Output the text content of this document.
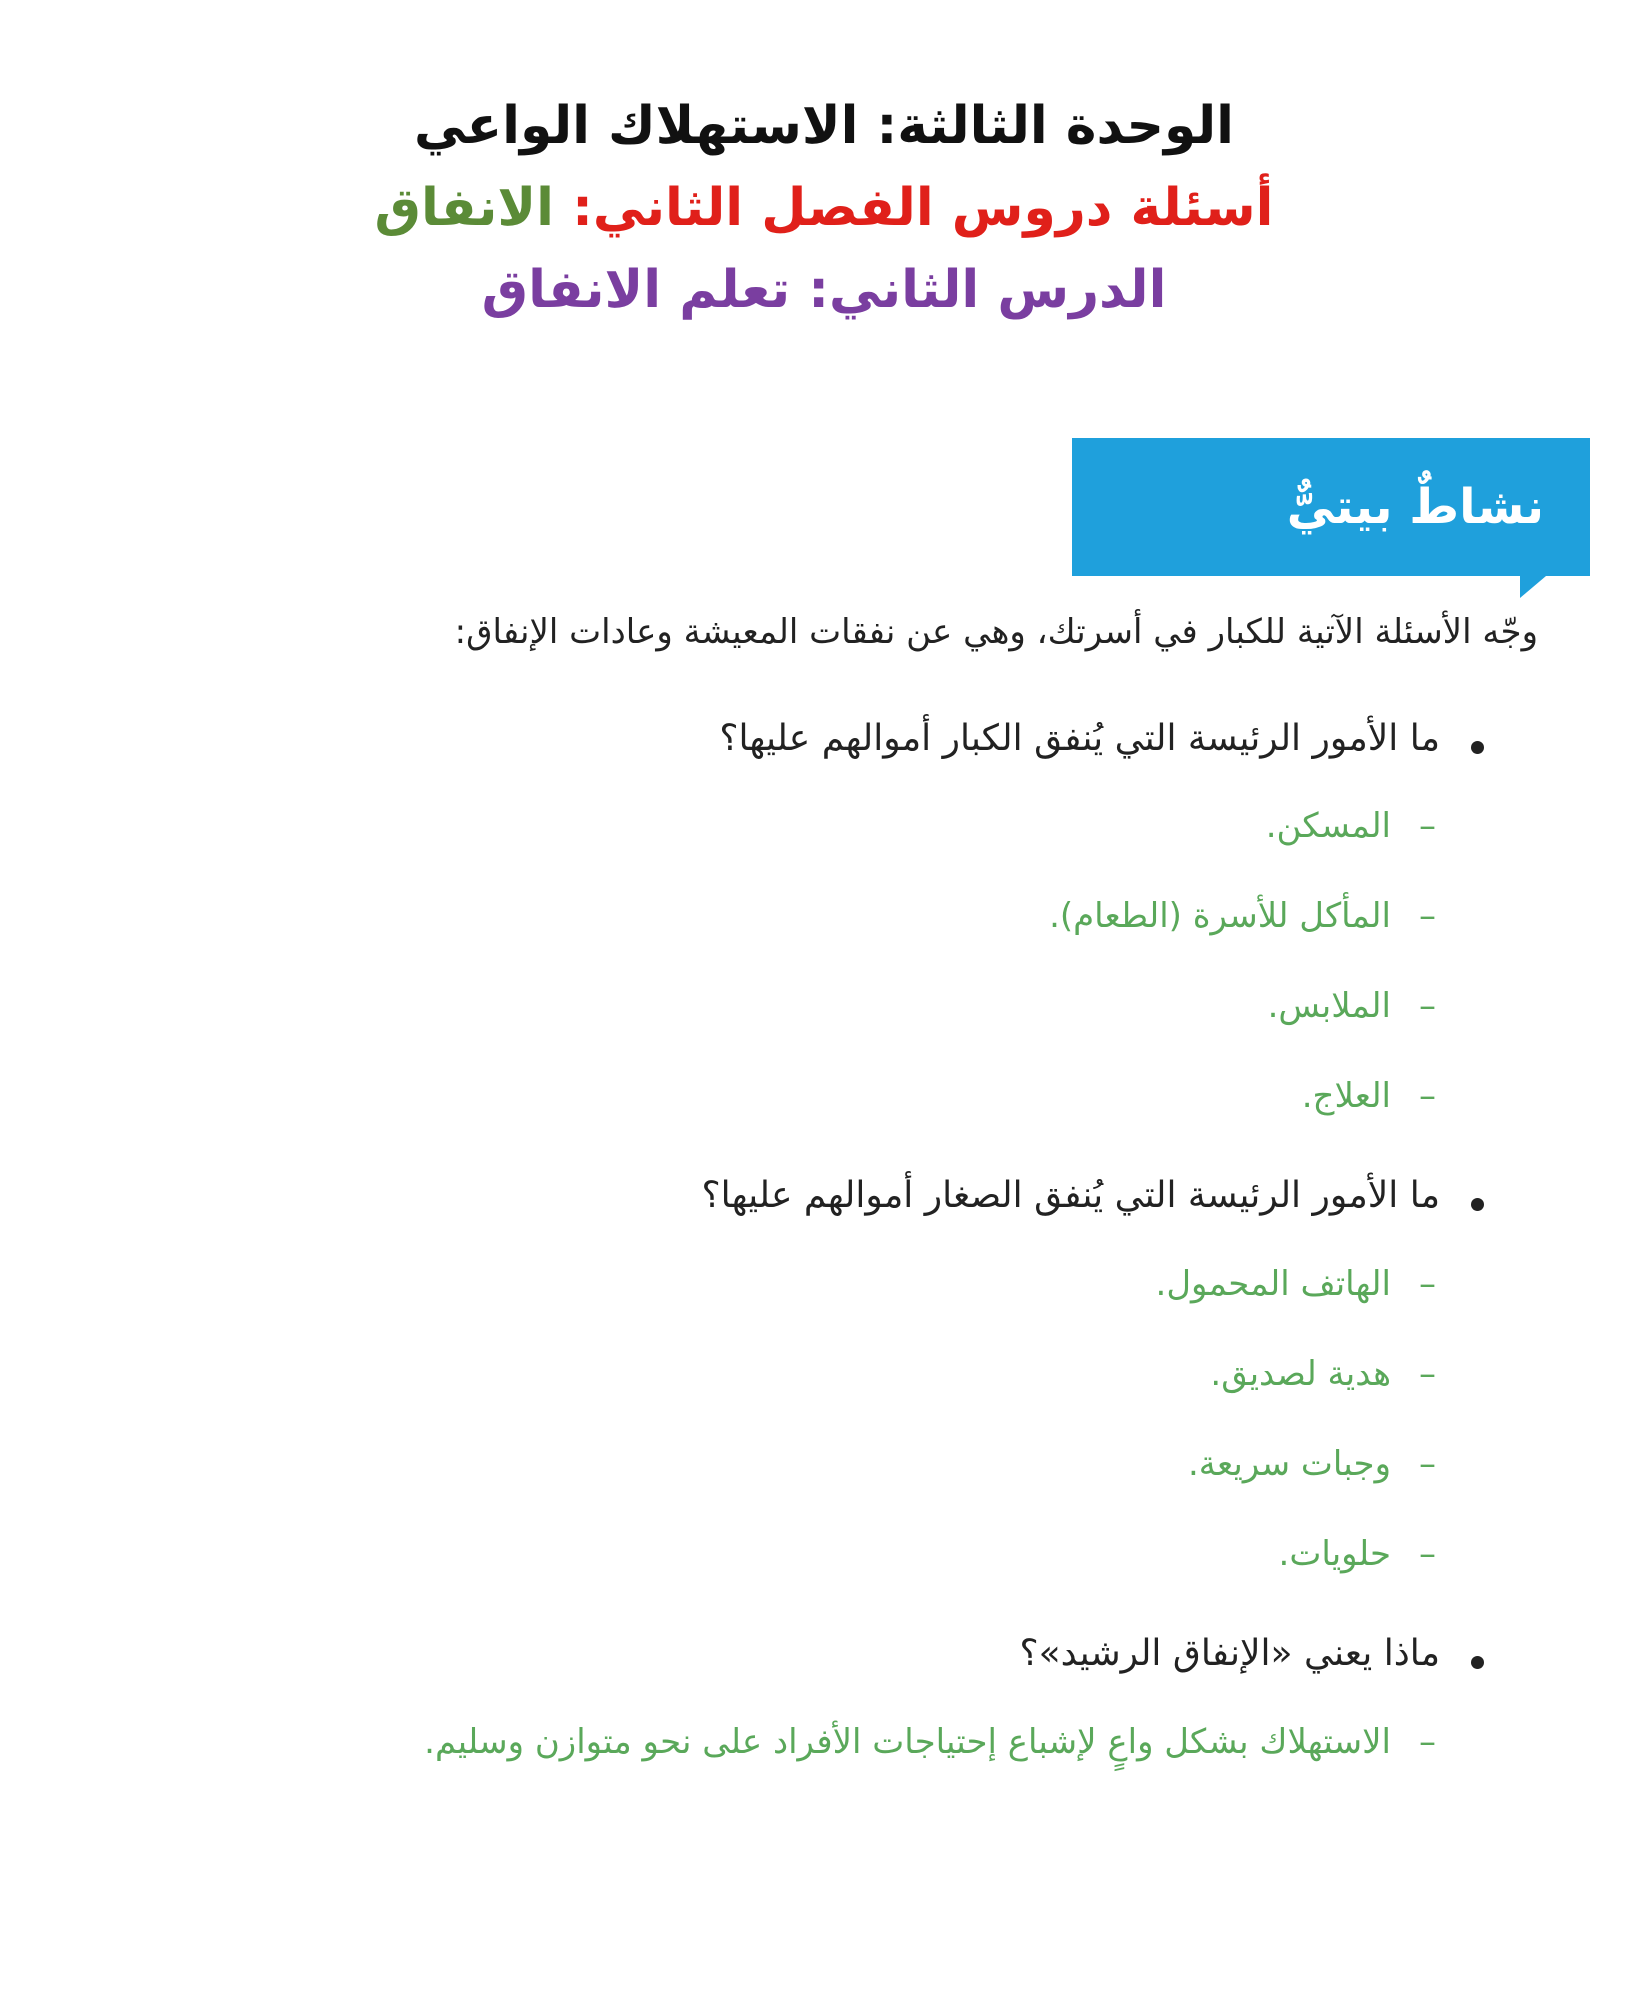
الوحدة الثالثة: الاستهلاك الواعي
أسئلة دروس الفصل الثاني: الانفاق
الدرس الثاني: تعلم الانفاق
نشاطٌ بيتيٌّ
وجّه الأسئلة الآتية للكبار في أسرتك، وهي عن نفقات المعيشة وعادات الإنفاق:
ما الأمور الرئيسة التي يُنفق الكبار أموالهم عليها؟
–المسكن.
–المأكل للأسرة (الطعام).
–الملابس.
–العلاج.
ما الأمور الرئيسة التي يُنفق الصغار أموالهم عليها؟
–الهاتف المحمول.
–هدية لصديق.
–وجبات سريعة.
–حلويات.
ماذا يعني «الإنفاق الرشيد»؟
–الاستهلاك بشكل واعٍ لإشباع إحتياجات الأفراد على نحو متوازن وسليم.
